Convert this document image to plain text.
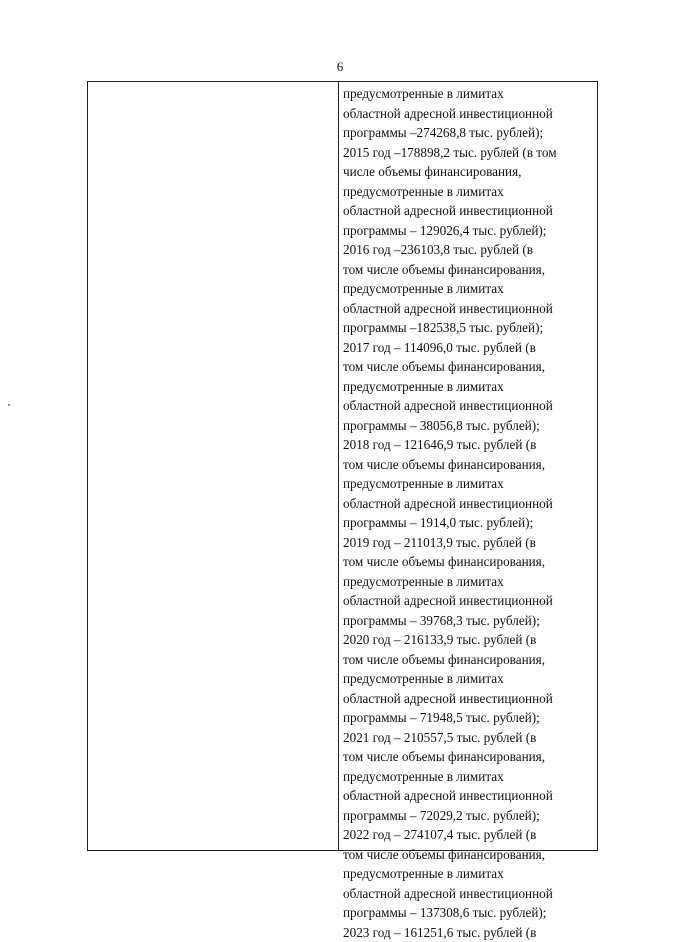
6
предусмотренные в лимитах
областной адресной инвестиционной
программы –274268,8 тыс. рублей);
2015 год –178898,2 тыс. рублей (в том
числе объемы финансирования,
предусмотренные в лимитах
областной адресной инвестиционной
программы – 129026,4 тыс. рублей);
2016 год –236103,8 тыс. рублей (в
том числе объемы финансирования,
предусмотренные в лимитах
областной адресной инвестиционной
программы –182538,5 тыс. рублей);
2017 год – 114096,0 тыс. рублей (в
том числе объемы финансирования,
предусмотренные в лимитах
областной адресной инвестиционной
программы – 38056,8 тыс. рублей);
2018 год – 121646,9 тыс. рублей (в
том числе объемы финансирования,
предусмотренные в лимитах
областной адресной инвестиционной
программы – 1914,0 тыс. рублей);
2019 год – 211013,9 тыс. рублей (в
том числе объемы финансирования,
предусмотренные в лимитах
областной адресной инвестиционной
программы – 39768,3 тыс. рублей);
2020 год – 216133,9 тыс. рублей (в
том числе объемы финансирования,
предусмотренные в лимитах
областной адресной инвестиционной
программы – 71948,5 тыс. рублей);
2021 год – 210557,5 тыс. рублей (в
том числе объемы финансирования,
предусмотренные в лимитах
областной адресной инвестиционной
программы – 72029,2 тыс. рублей);
2022 год – 274107,4 тыс. рублей (в
том числе объемы финансирования,
предусмотренные в лимитах
областной адресной инвестиционной
программы – 137308,6 тыс. рублей);
2023 год – 161251,6 тыс. рублей (в
